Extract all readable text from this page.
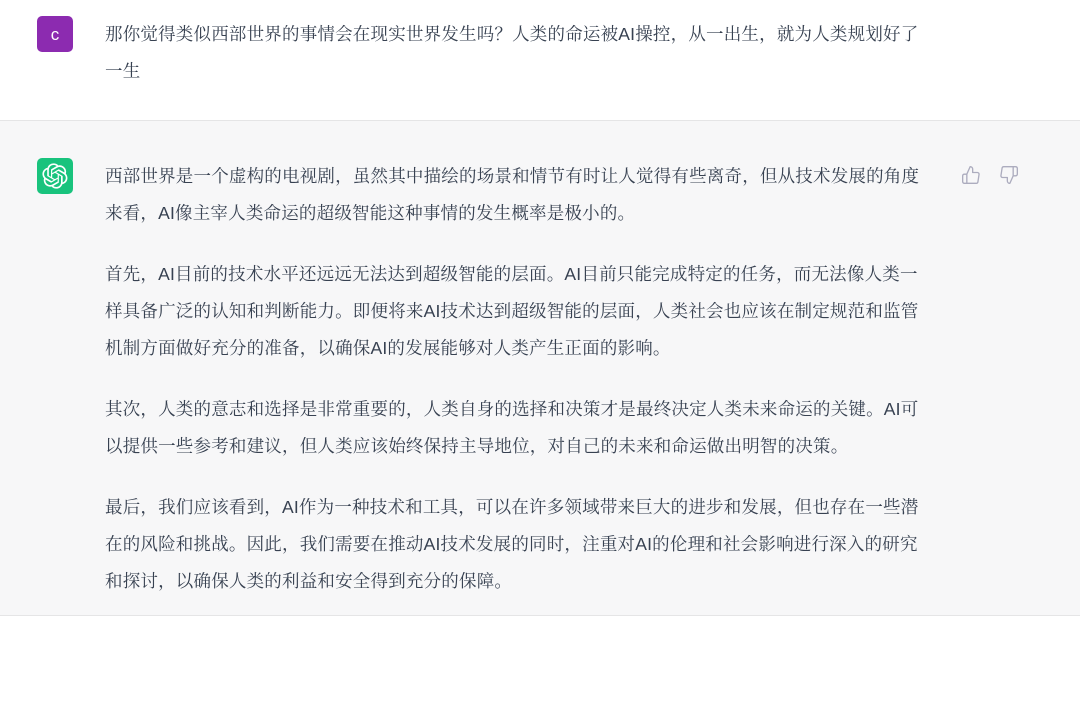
c	那你觉得类似西部世界的事情会在现实世界发生吗？人类的命运被AI操控，从一出生，就为人类规划好了一生

西部世界是一个虚构的电视剧，虽然其中描绘的场景和情节有时让人觉得有些离奇，但从技术发展的角度来看，AI像主宰人类命运的超级智能这种事情的发生概率是极小的。

首先，AI目前的技术水平还远远无法达到超级智能的层面。AI目前只能完成特定的任务，而无法像人类一样具备广泛的认知和判断能力。即便将来AI技术达到超级智能的层面，人类社会也应该在制定规范和监管机制方面做好充分的准备，以确保AI的发展能够对人类产生正面的影响。

其次，人类的意志和选择是非常重要的，人类自身的选择和决策才是最终决定人类未来命运的关键。AI可以提供一些参考和建议，但人类应该始终保持主导地位，对自己的未来和命运做出明智的决策。

最后，我们应该看到，AI作为一种技术和工具，可以在许多领域带来巨大的进步和发展，但也存在一些潜在的风险和挑战。因此，我们需要在推动AI技术发展的同时，注重对AI的伦理和社会影响进行深入的研究和探讨，以确保人类的利益和安全得到充分的保障。
